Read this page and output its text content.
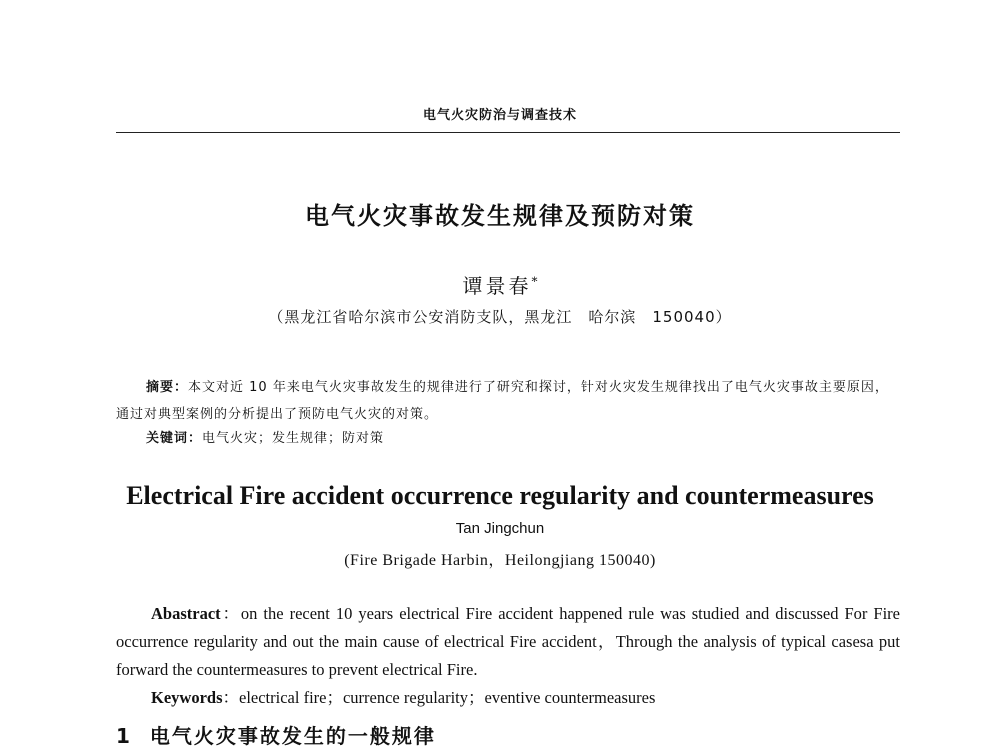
电气火灾防治与调查技术
电气火灾事故发生规律及预防对策
谭景春*
（黑龙江省哈尔滨市公安消防支队，黑龙江　哈尔滨　150040）
摘要：本文对近 10 年来电气火灾事故发生的规律进行了研究和探讨，针对火灾发生规律找出了电气火灾事故主要原因，通过对典型案例的分析提出了预防电气火灾的对策。
关键词：电气火灾；发生规律；防对策
Electrical Fire accident occurrence regularity and countermeasures
Tan Jingchun
(Fire Brigade Harbin，Heilongjiang 150040)
Abastract：on the recent 10 years electrical Fire accident happened rule was studied and discussed For Fire occurrence regularity and out the main cause of electrical Fire accident，Through the analysis of typical casesa put forward the countermeasures to prevent electrical Fire.
Keywords：electrical fire；currence regularity；eventive countermeasures
1 电气火灾事故发生的一般规律
